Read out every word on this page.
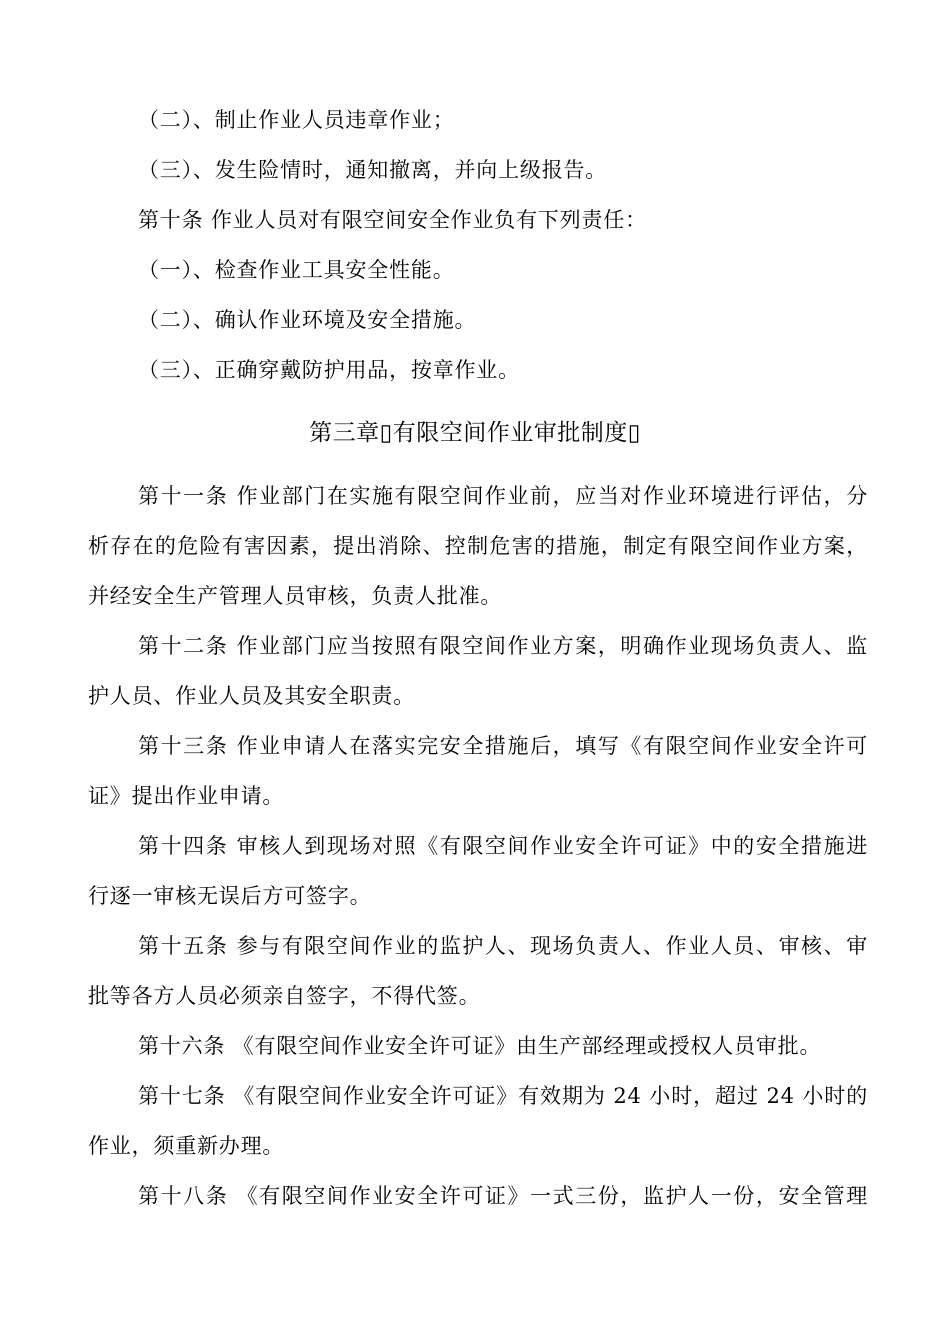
（二）、制止作业人员违章作业；
（三）、发生险情时，通知撤离，并向上级报告。
第十条 作业人员对有限空间安全作业负有下列责任：
（一）、检查作业工具安全性能。
（二）、确认作业环境及安全措施。
（三）、正确穿戴防护用品，按章作业。
第三章▯有限空间作业审批制度▯
第十一条 作业部门在实施有限空间作业前，应当对作业环境进行评估，分
析存在的危险有害因素，提出消除、控制危害的措施，制定有限空间作业方案，
并经安全生产管理人员审核，负责人批准。
第十二条 作业部门应当按照有限空间作业方案，明确作业现场负责人、监
护人员、作业人员及其安全职责。
第十三条 作业申请人在落实完安全措施后，填写《有限空间作业安全许可
证》提出作业申请。
第十四条 审核人到现场对照《有限空间作业安全许可证》中的安全措施进
行逐一审核无误后方可签字。
第十五条 参与有限空间作业的监护人、现场负责人、作业人员、审核、审
批等各方人员必须亲自签字，不得代签。
第十六条 《有限空间作业安全许可证》由生产部经理或授权人员审批。
第十七条 《有限空间作业安全许可证》有效期为 24 小时，超过 24 小时的
作业，须重新办理。
第十八条 《有限空间作业安全许可证》一式三份，监护人一份，安全管理
